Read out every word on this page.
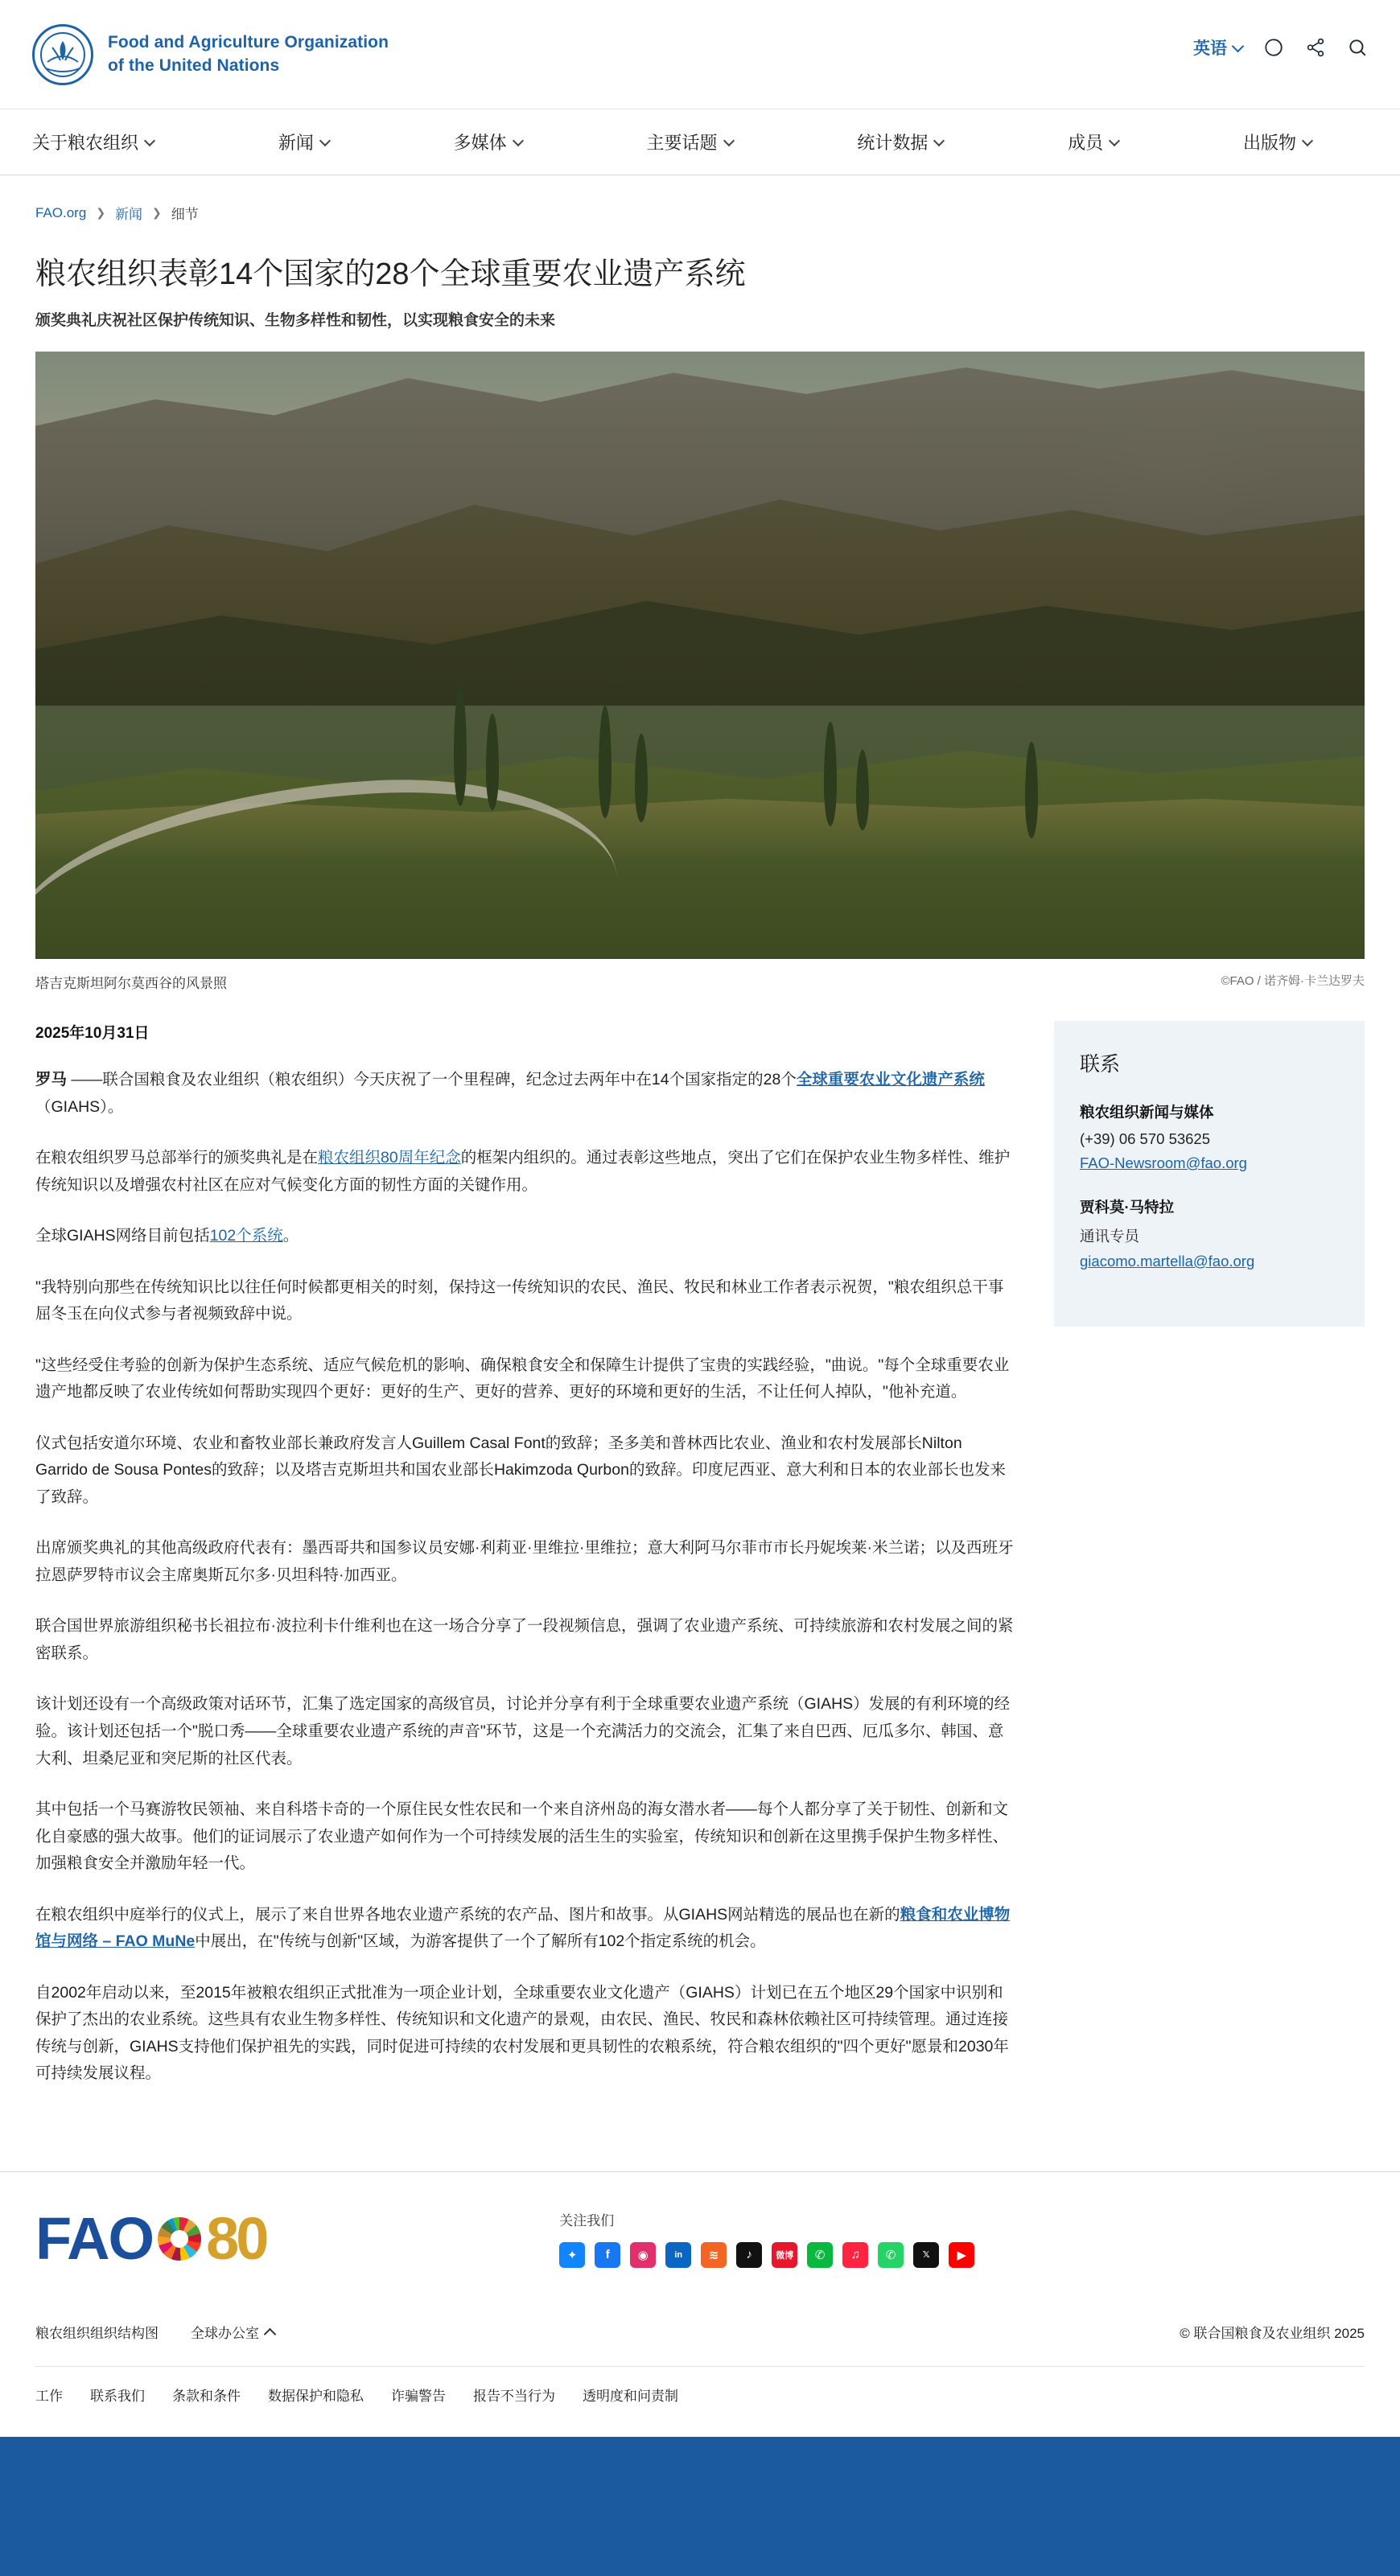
Food and Agriculture Organization
of the United Nations
英语
关于粮农组织	新闻	多媒体	主要话题	统计数据	成员	出版物
FAO.org ❯ 新闻 ❯ 细节
粮农组织表彰14个国家的28个全球重要农业遗产系统
颁奖典礼庆祝社区保护传统知识、生物多样性和韧性，以实现粮食安全的未来
塔吉克斯坦阿尔莫西谷的风景照	©FAO / 诺齐姆·卡兰达罗夫
2025年10月31日

罗马 ——联合国粮食及农业组织（粮农组织）今天庆祝了一个里程碑，纪念过去两年中在14个国家指定的28个全球重要农业文化遗产系统（GIAHS）。

在粮农组织罗马总部举行的颁奖典礼是在粮农组织80周年纪念的框架内组织的。通过表彰这些地点，突出了它们在保护农业生物多样性、维护传统知识以及增强农村社区在应对气候变化方面的韧性方面的关键作用。

全球GIAHS网络目前包括102个系统。

"我特别向那些在传统知识比以往任何时候都更相关的时刻，保持这一传统知识的农民、渔民、牧民和林业工作者表示祝贺，"粮农组织总干事屈冬玉在向仪式参与者视频致辞中说。

"这些经受住考验的创新为保护生态系统、适应气候危机的影响、确保粮食安全和保障生计提供了宝贵的实践经验，"曲说。"每个全球重要农业遗产地都反映了农业传统如何帮助实现四个更好：更好的生产、更好的营养、更好的环境和更好的生活，不让任何人掉队，"他补充道。

仪式包括安道尔环境、农业和畜牧业部长兼政府发言人Guillem Casal Font的致辞；圣多美和普林西比农业、渔业和农村发展部长Nilton Garrido de Sousa Pontes的致辞；以及塔吉克斯坦共和国农业部长Hakimzoda Qurbon的致辞。印度尼西亚、意大利和日本的农业部长也发来了致辞。

出席颁奖典礼的其他高级政府代表有：墨西哥共和国参议员安娜·利莉亚·里维拉·里维拉；意大利阿马尔菲市市长丹妮埃莱·米兰诺；以及西班牙拉恩萨罗特市议会主席奥斯瓦尔多·贝坦科特·加西亚。

联合国世界旅游组织秘书长祖拉布·波拉利卡什维利也在这一场合分享了一段视频信息，强调了农业遗产系统、可持续旅游和农村发展之间的紧密联系。

该计划还设有一个高级政策对话环节，汇集了选定国家的高级官员，讨论并分享有利于全球重要农业遗产系统（GIAHS）发展的有利环境的经验。该计划还包括一个"脱口秀——全球重要农业遗产系统的声音"环节，这是一个充满活力的交流会，汇集了来自巴西、厄瓜多尔、韩国、意大利、坦桑尼亚和突尼斯的社区代表。

其中包括一个马赛游牧民领袖、来自科塔卡奇的一个原住民女性农民和一个来自济州岛的海女潜水者——每个人都分享了关于韧性、创新和文化自豪感的强大故事。他们的证词展示了农业遗产如何作为一个可持续发展的活生生的实验室，传统知识和创新在这里携手保护生物多样性、加强粮食安全并激励年轻一代。

在粮农组织中庭举行的仪式上，展示了来自世界各地农业遗产系统的农产品、图片和故事。从GIAHS网站精选的展品也在新的粮食和农业博物馆与网络 – FAO MuNe中展出，在"传统与创新"区域，为游客提供了一个了解所有102个指定系统的机会。

自2002年启动以来，至2015年被粮农组织正式批准为一项企业计划，全球重要农业文化遗产（GIAHS）计划已在五个地区29个国家中识别和保护了杰出的农业系统。这些具有农业生物多样性、传统知识和文化遗产的景观，由农民、渔民、牧民和森林依赖社区可持续管理。通过连接传统与创新，GIAHS支持他们保护祖先的实践，同时促进可持续的农村发展和更具韧性的农粮系统，符合粮农组织的"四个更好"愿景和2030年可持续发展议程。

联系
粮农组织新闻与媒体
(+39) 06 570 53625
FAO-Newsroom@fao.org
贾科莫·马特拉
通讯专员
giacomo.martella@fao.org
FAO 80	关注我们
✦	f	◉	in	≋	♪	微博	✆	♫	✆	𝕏	▶
粮农组织组织结构图 全球办公室	© 联合国粮食及农业组织 2025
工作 联系我们 条款和条件 数据保护和隐私 诈骗警告 报告不当行为 透明度和问责制
